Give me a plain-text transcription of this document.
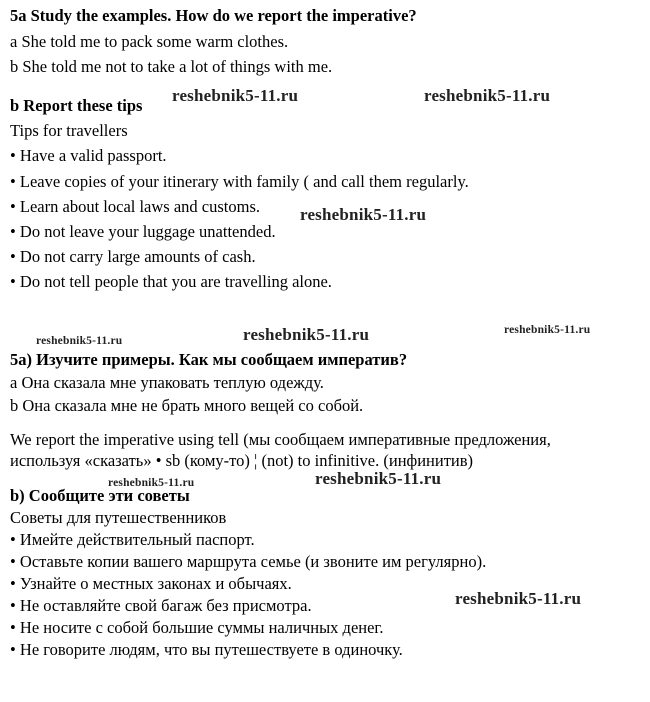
5a Study the examples. How do we report the imperative?
a She told me to pack some warm clothes.
b She told me not to take a lot of things with me.
b Report these tips
Tips for travellers
• Have a valid passport.
• Leave copies of your itinerary with family ( and call them regularly.
• Learn about local laws and customs.
• Do not leave your luggage unattended.
• Do not carry large amounts of cash.
• Do not tell people that you are travelling alone.
5а) Изучите примеры. Как мы сообщаем императив?
а Она сказала мне упаковать теплую одежду.
b Она сказала мне не брать много вещей со собой.
We report the imperative using tell (мы сообщаем императивные предложения,
используя «сказать» • sb (кому-то) ¦ (not) to infinitive. (инфинитив)
b) Сообщите эти советы
Советы для путешественников
• Имейте действительный паспорт.
• Оставьте копии вашего маршрута семье (и звоните им регулярно).
• Узнайте о местных законах и обычаях.
• Не оставляйте свой багаж без присмотра.
• Не носите с собой большие суммы наличных денег.
• Не говорите людям, что вы путешествуете в одиночку.
reshebnik5-11.ru	reshebnik5-11.ru
reshebnik5-11.ru
reshebnik5-11.ru	reshebnik5-11.ru	reshebnik5-11.ru
reshebnik5-11.ru	reshebnik5-11.ru
reshebnik5-11.ru
